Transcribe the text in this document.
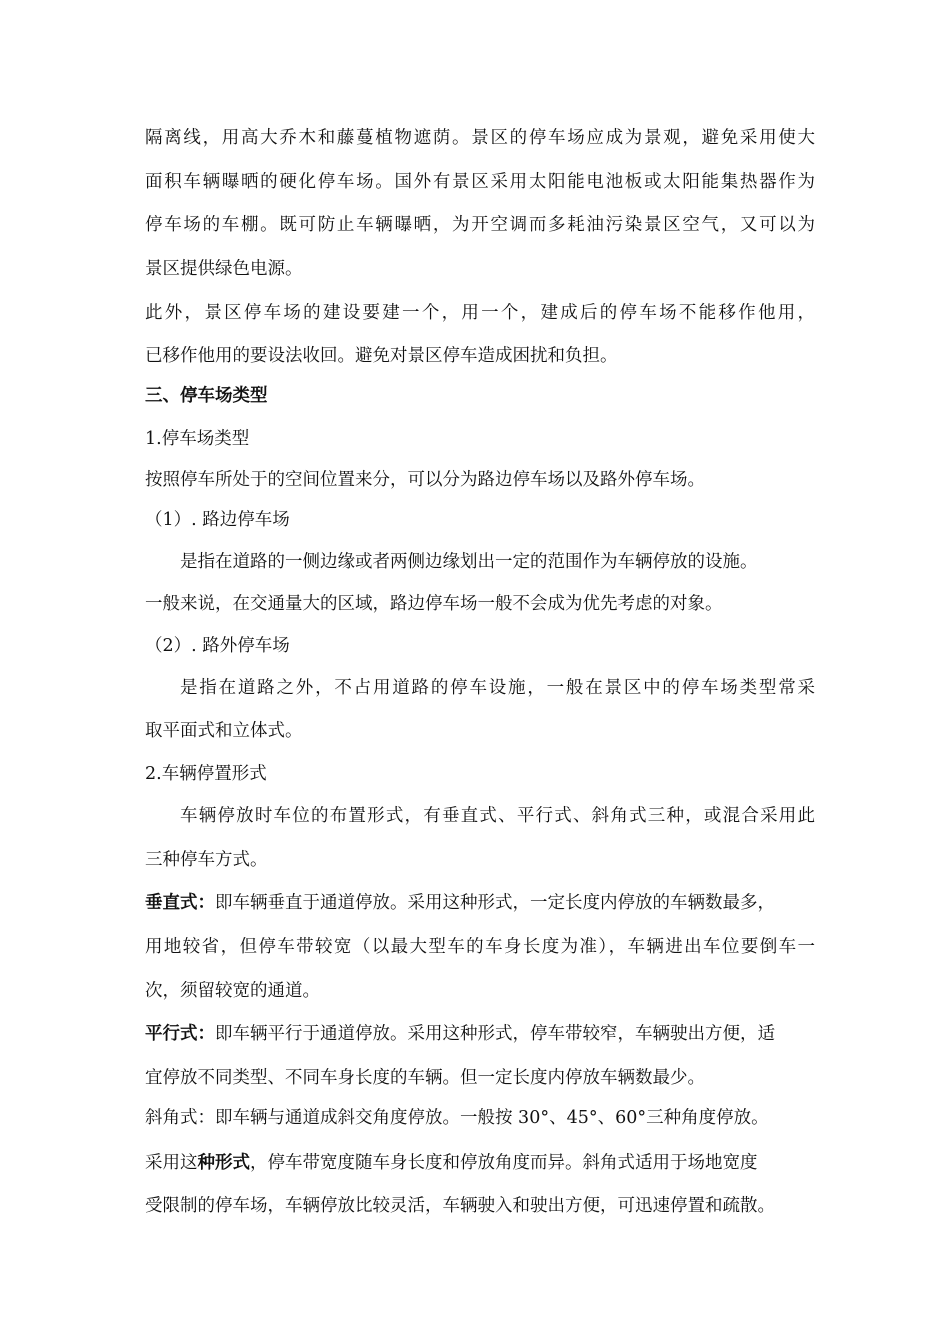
隔离线，用高大乔木和藤蔓植物遮荫。景区的停车场应成为景观，避免采用使大
面积车辆曝晒的硬化停车场。国外有景区采用太阳能电池板或太阳能集热器作为
停车场的车棚。既可防止车辆曝晒，为开空调而多耗油污染景区空气，又可以为
景区提供绿色电源。
此外，景区停车场的建设要建一个，用一个，建成后的停车场不能移作他用，
已移作他用的要设法收回。避免对景区停车造成困扰和负担。
三、停车场类型
1.停车场类型
按照停车所处于的空间位置来分，可以分为路边停车场以及路外停车场。
（1）. 路边停车场
是指在道路的一侧边缘或者两侧边缘划出一定的范围作为车辆停放的设施。
一般来说，在交通量大的区域，路边停车场一般不会成为优先考虑的对象。
（2）. 路外停车场
是指在道路之外，不占用道路的停车设施，一般在景区中的停车场类型常采
取平面式和立体式。
2.车辆停置形式
车辆停放时车位的布置形式，有垂直式、平行式、斜角式三种，或混合采用此
三种停车方式。
垂直式：即车辆垂直于通道停放。采用这种形式，一定长度内停放的车辆数最多，
用地较省，但停车带较宽（以最大型车的车身长度为准），车辆进出车位要倒车一
次，须留较宽的通道。
平行式：即车辆平行于通道停放。采用这种形式，停车带较窄，车辆驶出方便，适
宜停放不同类型、不同车身长度的车辆。但一定长度内停放车辆数最少。
斜角式：即车辆与通道成斜交角度停放。一般按 30°、45°、60°三种角度停放。
采用这种形式，停车带宽度随车身长度和停放角度而异。斜角式适用于场地宽度
受限制的停车场，车辆停放比较灵活，车辆驶入和驶出方便，可迅速停置和疏散。
